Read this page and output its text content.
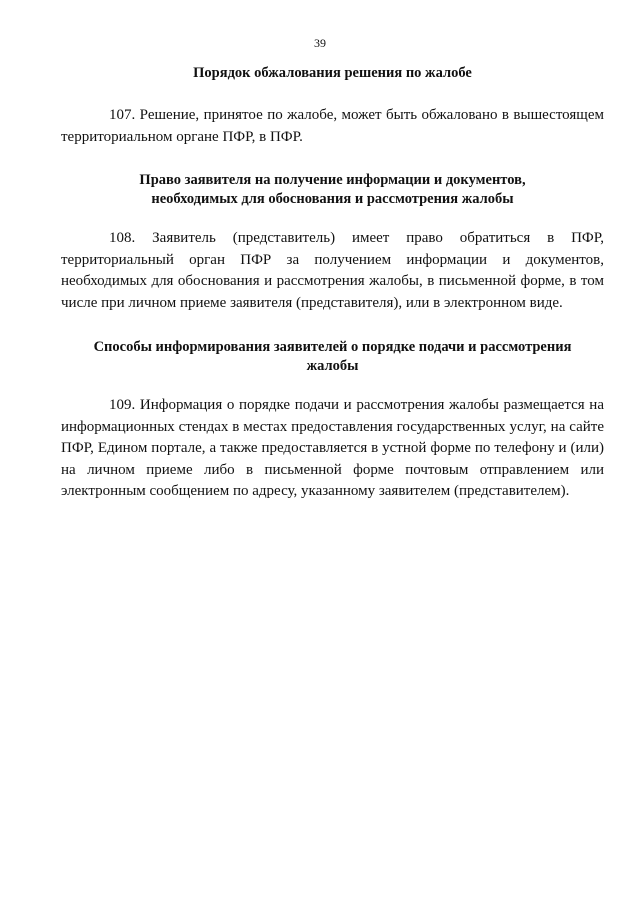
39

Порядок обжалования решения по жалобе

107. Решение, принятое по жалобе, может быть обжаловано в вышестоящем территориальном органе ПФР, в ПФР.

Право заявителя на получение информации и документов,
необходимых для обоснования и рассмотрения жалобы

108. Заявитель (представитель) имеет право обратиться в ПФР, территориальный орган ПФР за получением информации и документов, необходимых для обоснования и рассмотрения жалобы, в письменной форме, в том числе при личном приеме заявителя (представителя), или в электронном виде.

Способы информирования заявителей о порядке подачи и рассмотрения
жалобы

109. Информация о порядке подачи и рассмотрения жалобы размещается на информационных стендах в местах предоставления государственных услуг, на сайте ПФР, Едином портале, а также предоставляется в устной форме по телефону и (или) на личном приеме либо в письменной форме почтовым отправлением или электронным сообщением по адресу, указанному заявителем (представителем).
